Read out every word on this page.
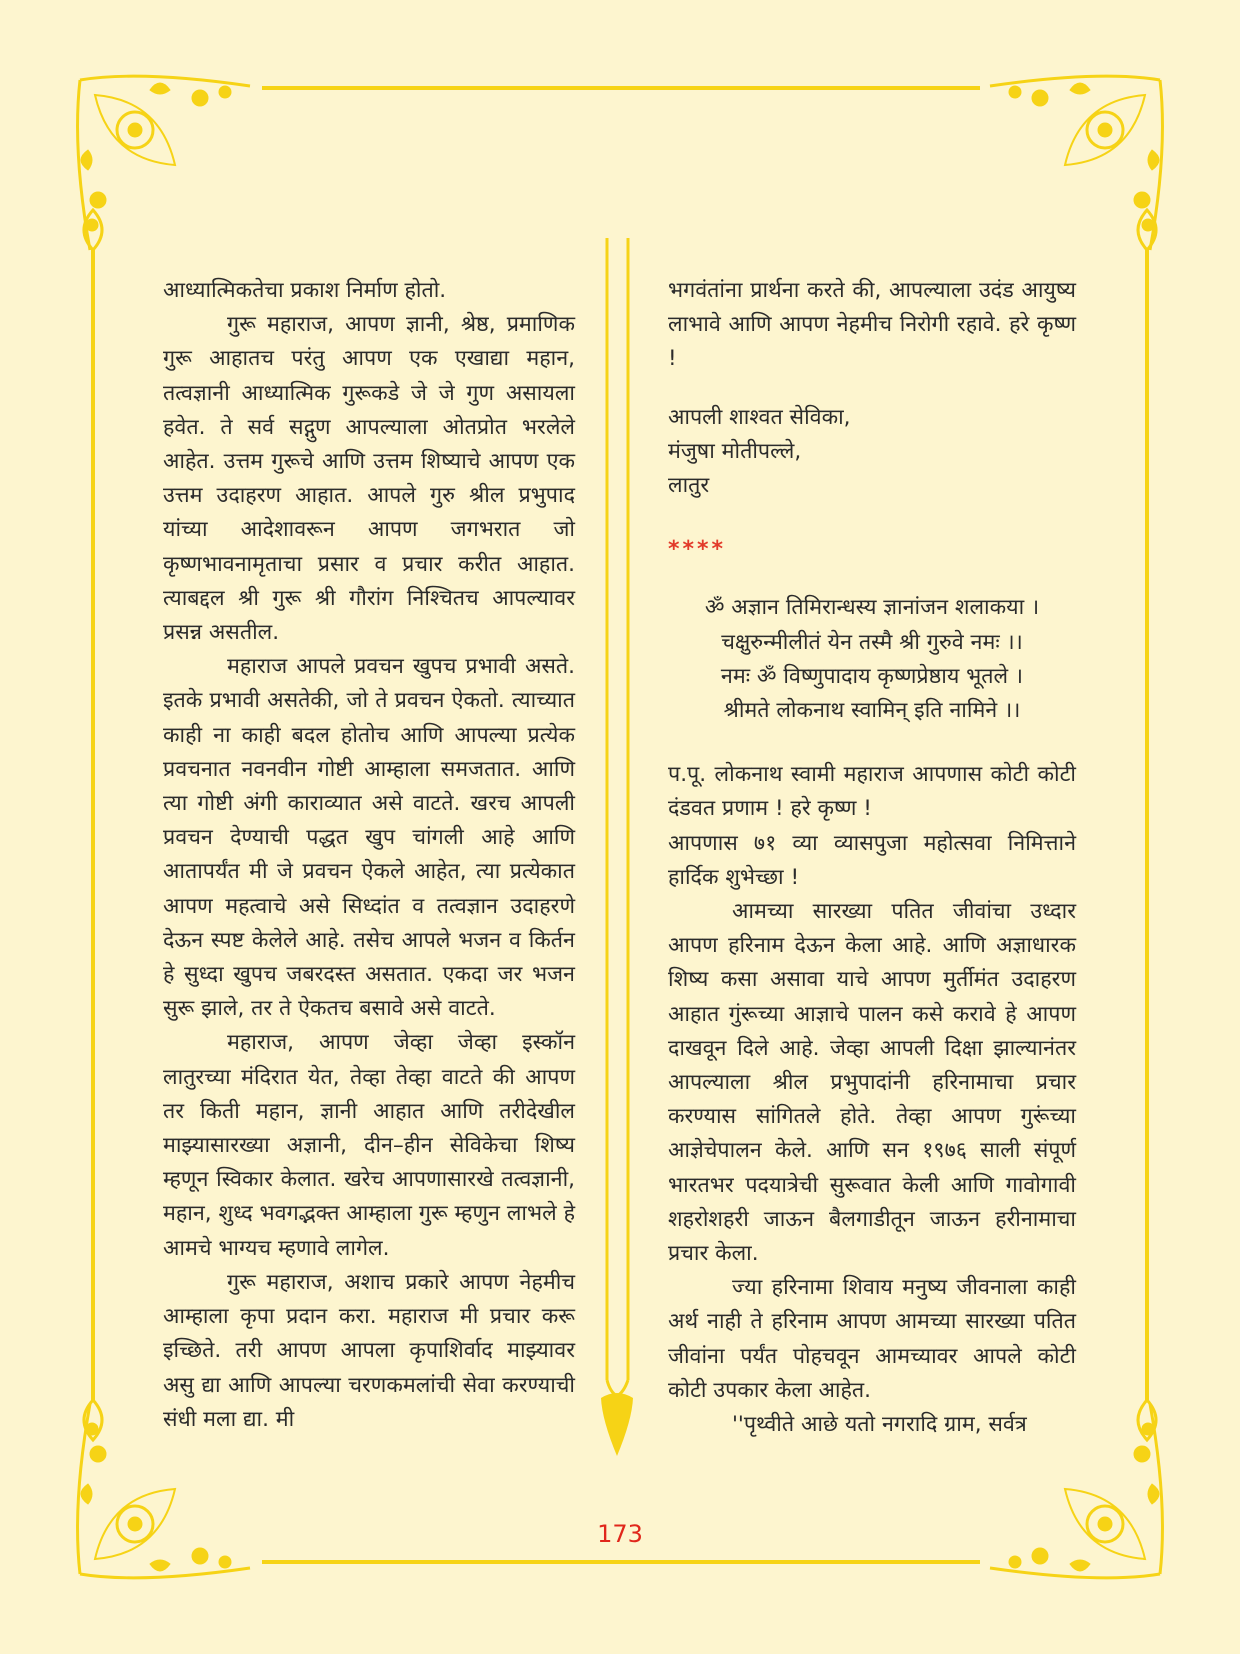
आध्यात्मिकतेचा प्रकाश निर्माण होतो.

गुरू महाराज, आपण ज्ञानी, श्रेष्ठ, प्रमाणिक गुरू आहातच परंतु आपण एक एखाद्या महान, तत्वज्ञानी आध्यात्मिक गुरूकडे जे जे गुण असायला हवेत. ते सर्व सद्गुण आपल्याला ओतप्रोत भरलेले आहेत. उत्तम गुरूचे आणि उत्तम शिष्याचे आपण एक उत्तम उदाहरण आहात. आपले गुरु श्रील प्रभुपाद यांच्या आदेशावरून आपण जगभरात जो कृष्णभावनामृताचा प्रसार व प्रचार करीत आहात. त्याबद्दल श्री गुरू श्री गौरांग निश्चितच आपल्यावर प्रसन्न असतील.

महाराज आपले प्रवचन खुपच प्रभावी असते. इतके प्रभावी असतेकी, जो ते प्रवचन ऐकतो. त्याच्यात काही ना काही बदल होतोच आणि आपल्या प्रत्येक प्रवचनात नवनवीन गोष्टी आम्हाला समजतात. आणि त्या गोष्टी अंगी काराव्यात असे वाटते. खरच आपली प्रवचन देण्याची पद्धत खुप चांगली आहे आणि आतापर्यंत मी जे प्रवचन ऐकले आहेत, त्या प्रत्येकात आपण महत्वाचे असे सिध्दांत व तत्वज्ञान उदाहरणे देऊन स्पष्ट केलेले आहे. तसेच आपले भजन व किर्तन हे सुध्दा खुपच जबरदस्त असतात. एकदा जर भजन सुरू झाले, तर ते ऐकतच बसावे असे वाटते.

महाराज, आपण जेव्हा जेव्हा इस्कॉन लातुरच्या मंदिरात येत, तेव्हा तेव्हा वाटते की आपण तर किती महान, ज्ञानी आहात आणि तरीदेखील माझ्यासारख्या अज्ञानी, दीन–हीन सेविकेचा शिष्य म्हणून स्विकार केलात. खरेच आपणासारखे तत्वज्ञानी, महान, शुध्द भवगद्भक्त आम्हाला गुरू म्हणुन लाभले हे आमचे भाग्यच म्हणावे लागेल.

गुरू महाराज, अशाच प्रकारे आपण नेहमीच आम्हाला कृपा प्रदान करा. महाराज मी प्रचार करू इच्छिते. तरी आपण आपला कृपाशिर्वाद माझ्यावर असु द्या आणि आपल्या चरणकमलांची सेवा करण्याची संधी मला द्या. मी

भगवंतांना प्रार्थना करते की, आपल्याला उदंड आयुष्य लाभावे आणि आपण नेहमीच निरोगी रहावे. हरे कृष्ण !

आपली शाश्वत सेविका,

मंजुषा मोतीपल्ले,

लातुर

****

ॐ अज्ञान तिमिरान्धस्य ज्ञानांजन शलाकया ।

चक्षुरुन्मीलीतं येन तस्मै श्री गुरुवे नमः ।।

नमः ॐ विष्णुपादाय कृष्णप्रेष्ठाय भूतले ।

श्रीमते लोकनाथ स्वामिन् इति नामिने ।।

प.पू. लोकनाथ स्वामी महाराज आपणास कोटी कोटी दंडवत प्रणाम ! हरे कृष्ण !

आपणास ७१ व्या व्यासपुजा महोत्सवा निमित्ताने हार्दिक शुभेच्छा !

आमच्या सारख्या पतित जीवांचा उध्दार आपण हरिनाम देऊन केला आहे. आणि अज्ञाधारक शिष्य कसा असावा याचे आपण मुर्तीमंत उदाहरण आहात गुंरूच्या आज्ञाचे पालन कसे करावे हे आपण दाखवून दिले आहे. जेव्हा आपली दिक्षा झाल्यानंतर आपल्याला श्रील प्रभुपादांनी हरिनामाचा प्रचार करण्यास सांगितले होते. तेव्हा आपण गुरूंच्या आज्ञेचेपालन केले. आणि सन १९७६ साली संपूर्ण भारतभर पदयात्रेची सुरूवात केली आणि गावोगावी शहरोशहरी जाऊन बैलगाडीतून जाऊन हरीनामाचा प्रचार केला.

ज्या हरिनामा शिवाय मनुष्य जीवनाला काही अर्थ नाही ते हरिनाम आपण आमच्या सारख्या पतित जीवांना पर्यंत पोहचवून आमच्यावर आपले कोटी कोटी उपकार केला आहेत.

''पृथ्वीते आछे यतो नगरादि ग्राम, सर्वत्र

173
